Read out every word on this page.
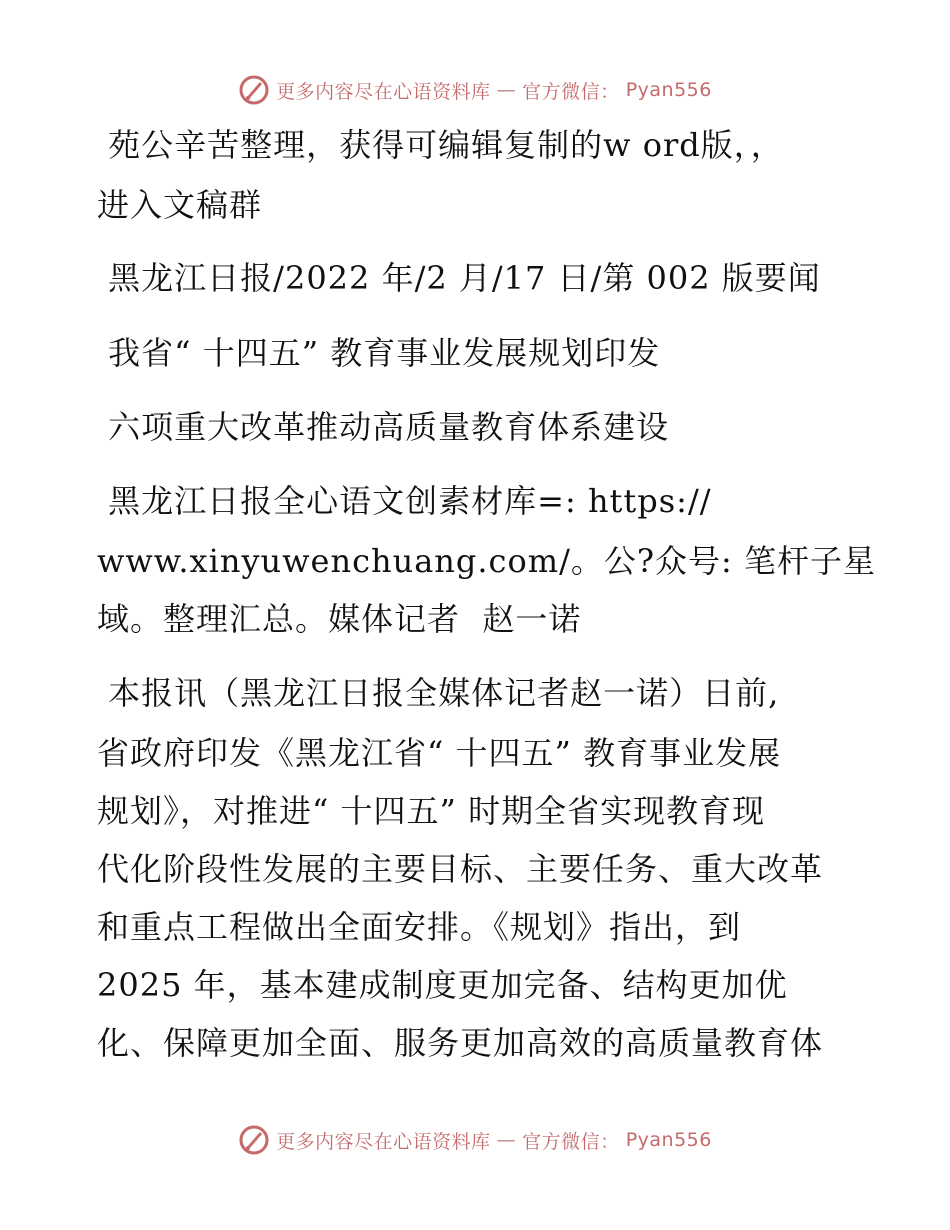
更多内容尽在心语资料库 — 官方微信： Pyan556
苑公辛苦整理，获得可编辑复制的w ord版，，
进入文稿群
黑龙江日报/2022 年/2 月/17 日/第 002 版要闻
我省“ 十四五” 教育事业发展规划印发
六项重大改革推动高质量教育体系建设
黑龙江日报全心语文创素材库=: https://
www.xinyuwenchuang.com/。公?众号: 笔杆子星
域。整理汇总。媒体记者  赵一诺
本报讯（黑龙江日报全媒体记者赵一诺）日前,
省政府印发《黑龙江省“ 十四五” 教育事业发展
规划》，对推进“ 十四五” 时期全省实现教育现
代化阶段性发展的主要目标、主要任务、重大改革
和重点工程做出全面安排。《规划》指出，到
2025 年，基本建成制度更加完备、结构更加优
化、保障更加全面、服务更加高效的高质量教育体
更多内容尽在心语资料库 — 官方微信： Pyan556
